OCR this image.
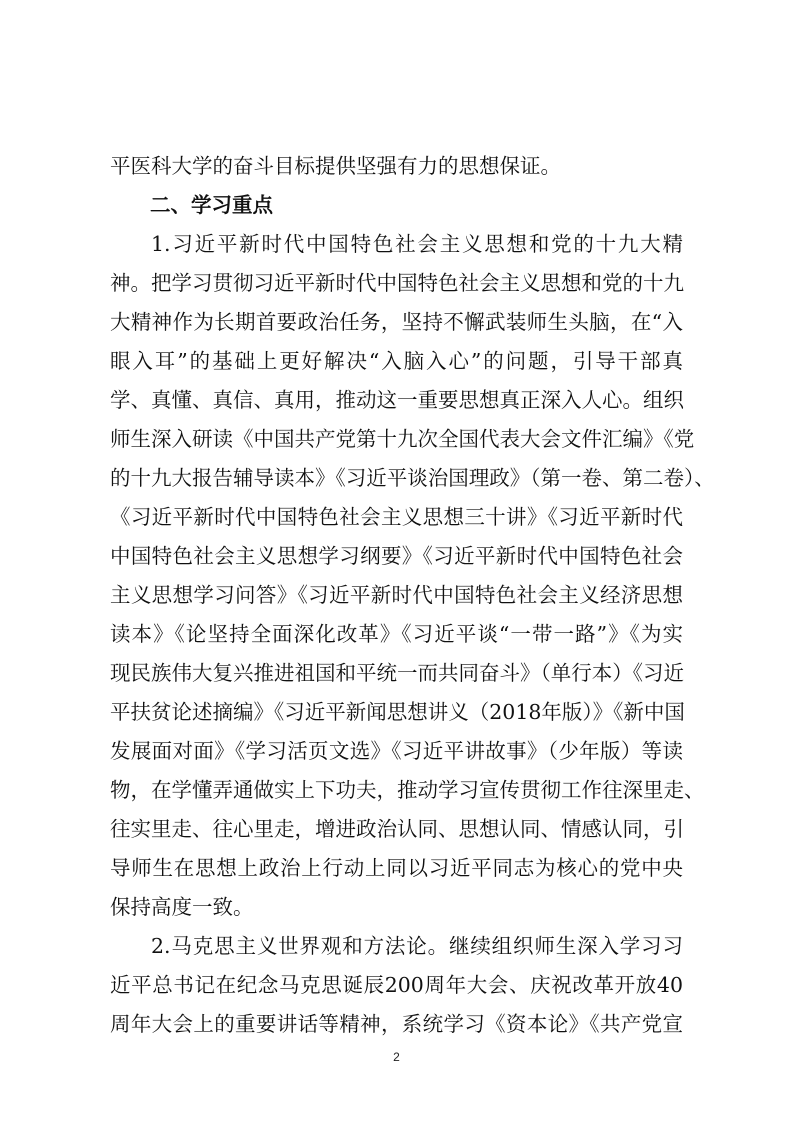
平医科大学的奋斗目标提供坚强有力的思想保证。
二、学习重点
1.习近平新时代中国特色社会主义思想和党的十九大精
神。把学习贯彻习近平新时代中国特色社会主义思想和党的十九
大精神作为长期首要政治任务，坚持不懈武装师生头脑，在“入
眼入耳”的基础上更好解决“入脑入心”的问题，引导干部真
学、真懂、真信、真用，推动这一重要思想真正深入人心。组织
师生深入研读《中国共产党第十九次全国代表大会文件汇编》《党
的十九大报告辅导读本》《习近平谈治国理政》（第一卷、第二卷）、
《习近平新时代中国特色社会主义思想三十讲》《习近平新时代
中国特色社会主义思想学习纲要》《习近平新时代中国特色社会
主义思想学习问答》《习近平新时代中国特色社会主义经济思想
读本》《论坚持全面深化改革》《习近平谈“一带一路”》《为实
现民族伟大复兴推进祖国和平统一而共同奋斗》（单行本）《习近
平扶贫论述摘编》《习近平新闻思想讲义（2018年版）》《新中国
发展面对面》《学习活页文选》《习近平讲故事》（少年版）等读
物，在学懂弄通做实上下功夫，推动学习宣传贯彻工作往深里走、
往实里走、往心里走，增进政治认同、思想认同、情感认同，引
导师生在思想上政治上行动上同以习近平同志为核心的党中央
保持高度一致。
2.马克思主义世界观和方法论。继续组织师生深入学习习
近平总书记在纪念马克思诞辰200周年大会、庆祝改革开放40
周年大会上的重要讲话等精神，系统学习《资本论》《共产党宣
2
